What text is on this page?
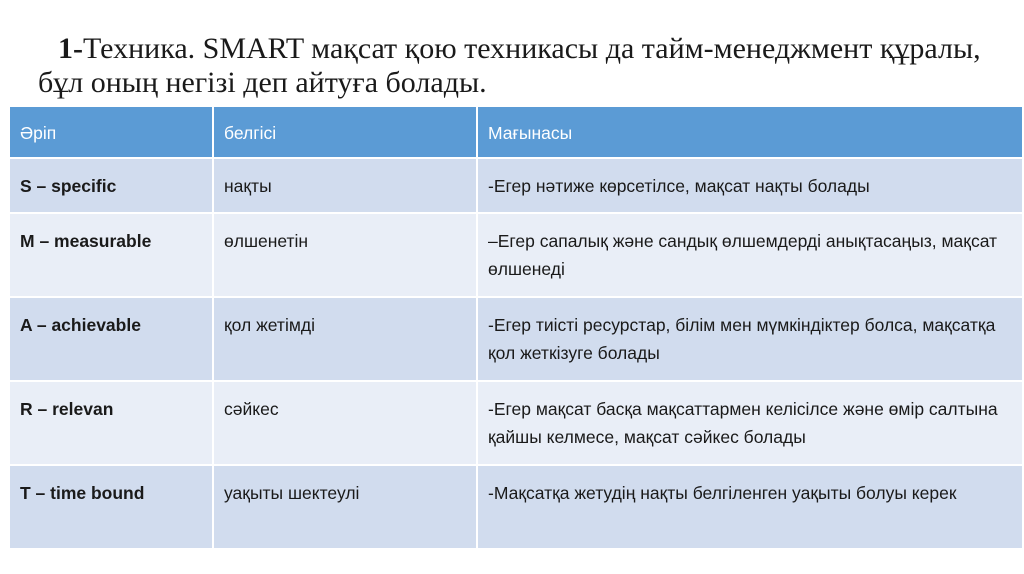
1-Техника. SMART мақсат қою техникасы да тайм-менеджмент құралы, бұл оның негізі деп айтуға болады.
Әріп	белгісі	Мағынасы
S – specific	нақты	-Егер нәтиже көрсетілсе, мақсат нақты болады
M – measurable	өлшенетін	–Егер сапалық және сандық өлшемдерді анықтасаңыз, мақсат өлшенеді
A – achievable	қол жетімді	-Егер тиісті ресурстар, білім мен мүмкіндіктер болса, мақсатқа қол жеткізуге болады
R – relevan	сәйкес	-Егер мақсат басқа мақсаттармен келісілсе және өмір салтына қайшы келмесе, мақсат сәйкес болады
T – time bound	уақыты шектеулі	-Мақсатқа жетудің нақты белгіленген уақыты болуы керек
